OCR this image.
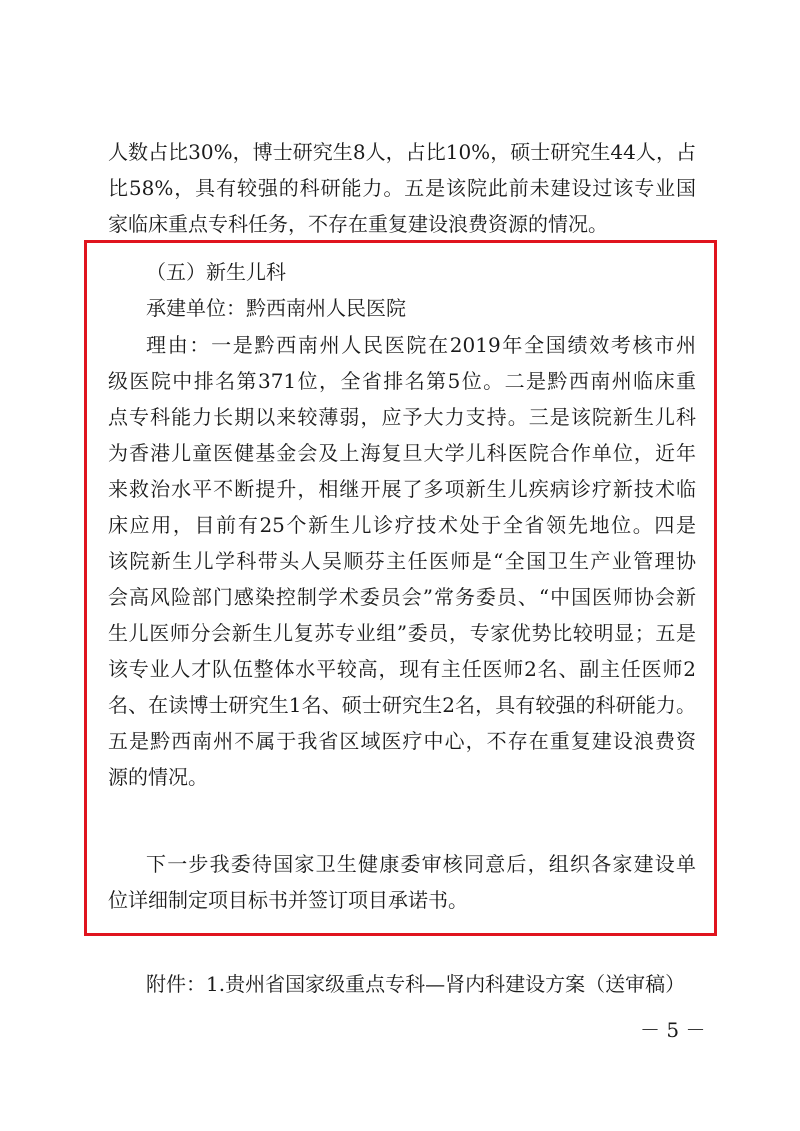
人数占比30%，博士研究生8人，占比10%，硕士研究生44人，占
比58%，具有较强的科研能力。五是该院此前未建设过该专业国
家临床重点专科任务，不存在重复建设浪费资源的情况。
（五）新生儿科
承建单位：黔西南州人民医院
理由：一是黔西南州人民医院在2019年全国绩效考核市州
级医院中排名第371位，全省排名第5位。二是黔西南州临床重
点专科能力长期以来较薄弱，应予大力支持。三是该院新生儿科
为香港儿童医健基金会及上海复旦大学儿科医院合作单位，近年
来救治水平不断提升，相继开展了多项新生儿疾病诊疗新技术临
床应用，目前有25个新生儿诊疗技术处于全省领先地位。四是
该院新生儿学科带头人吴顺芬主任医师是“全国卫生产业管理协
会高风险部门感染控制学术委员会”常务委员、“中国医师协会新
生儿医师分会新生儿复苏专业组”委员，专家优势比较明显；五是
该专业人才队伍整体水平较高，现有主任医师2名、副主任医师2
名、在读博士研究生1名、硕士研究生2名，具有较强的科研能力。
五是黔西南州不属于我省区域医疗中心，不存在重复建设浪费资
源的情况。
下一步我委待国家卫生健康委审核同意后，组织各家建设单
位详细制定项目标书并签订项目承诺书。
附件：1.贵州省国家级重点专科—肾内科建设方案（送审稿）
－ 5 －
